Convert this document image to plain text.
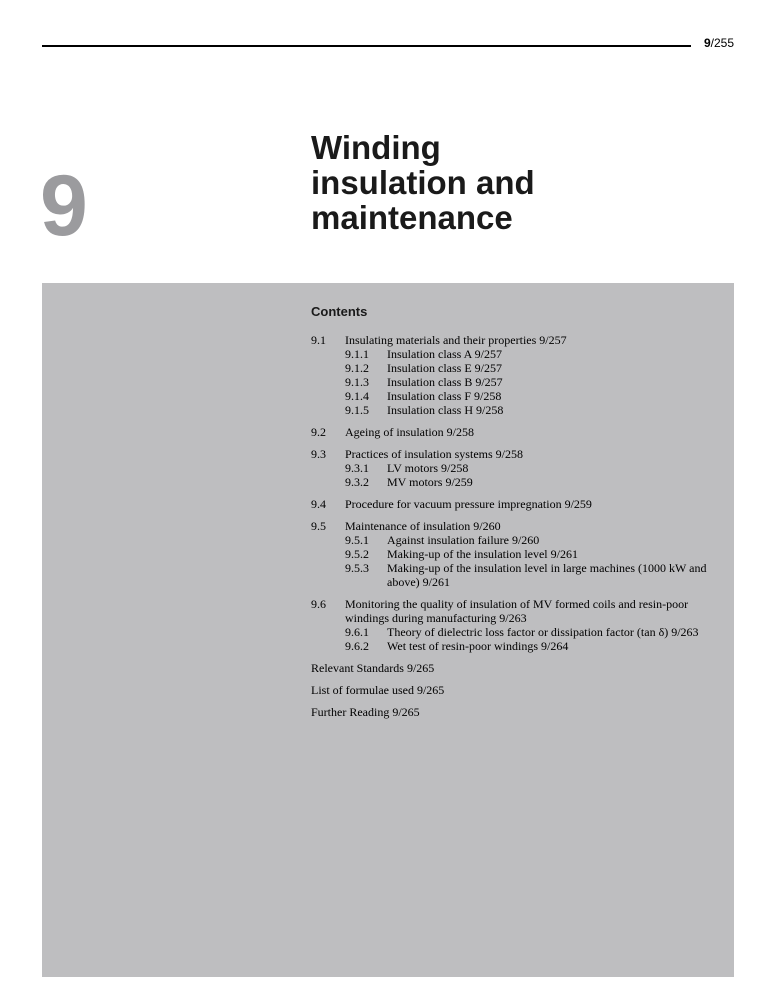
9/255
9
Winding
insulation and
maintenance
Contents
9.1	Insulating materials and their properties 9/257
9.1.1	Insulation class A 9/257
9.1.2	Insulation class E 9/257
9.1.3	Insulation class B 9/257
9.1.4	Insulation class F 9/258
9.1.5	Insulation class H 9/258
9.2	Ageing of insulation 9/258
9.3	Practices of insulation systems 9/258
9.3.1	LV motors 9/258
9.3.2	MV motors 9/259
9.4	Procedure for vacuum pressure impregnation 9/259
9.5	Maintenance of insulation 9/260
9.5.1	Against insulation failure 9/260
9.5.2	Making-up of the insulation level 9/261
9.5.3	Making-up of the insulation level in large machines (1000 kW and above) 9/261
9.6	Monitoring the quality of insulation of MV formed coils and resin-poor windings during manufacturing 9/263
9.6.1	Theory of dielectric loss factor or dissipation factor (tan δ) 9/263
9.6.2	Wet test of resin-poor windings 9/264
Relevant Standards 9/265
List of formulae used 9/265
Further Reading 9/265
